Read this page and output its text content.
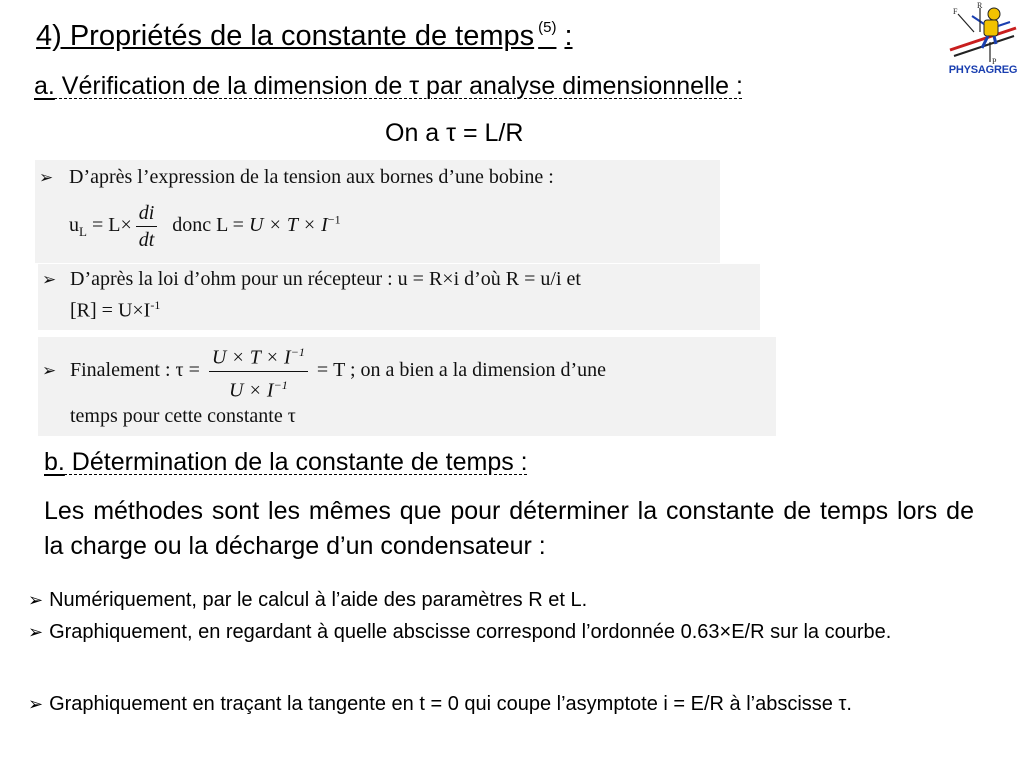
4) Propriétés de la constante de temps $^{(5)}$ :
F
R
P
PHYSAGREG
a. Vérification de la dimension de τ par analyse dimensionnelle :
On a τ = L/R
➢ D’après l’expression de la tension aux bornes d’une bobine :
$u_L = L\times \frac{di}{dt}$ donc $L = U \times T \times I^{-1}$
➢ D’après la loi d’ohm pour un récepteur : u = R×i d’où R = u/i et
$[R] = U\times I^{-1}$
➢ Finalement : $\tau = \frac{U \times T \times I^{-1}}{U \times I^{-1}} = T$ ; on a bien a la dimension d’une
temps pour cette constante τ
b. Détermination de la constante de temps :
Les méthodes sont les mêmes que pour déterminer la constante de temps lors de la charge ou la décharge d’un condensateur :
➢ Numériquement, par le calcul à l’aide des paramètres R et L.
➢ Graphiquement, en regardant à quelle abscisse correspond l’ordonnée 0.63×E/R sur la courbe.
➢ Graphiquement en traçant la tangente en t = 0 qui coupe l’asymptote i = E/R à l’abscisse τ.
